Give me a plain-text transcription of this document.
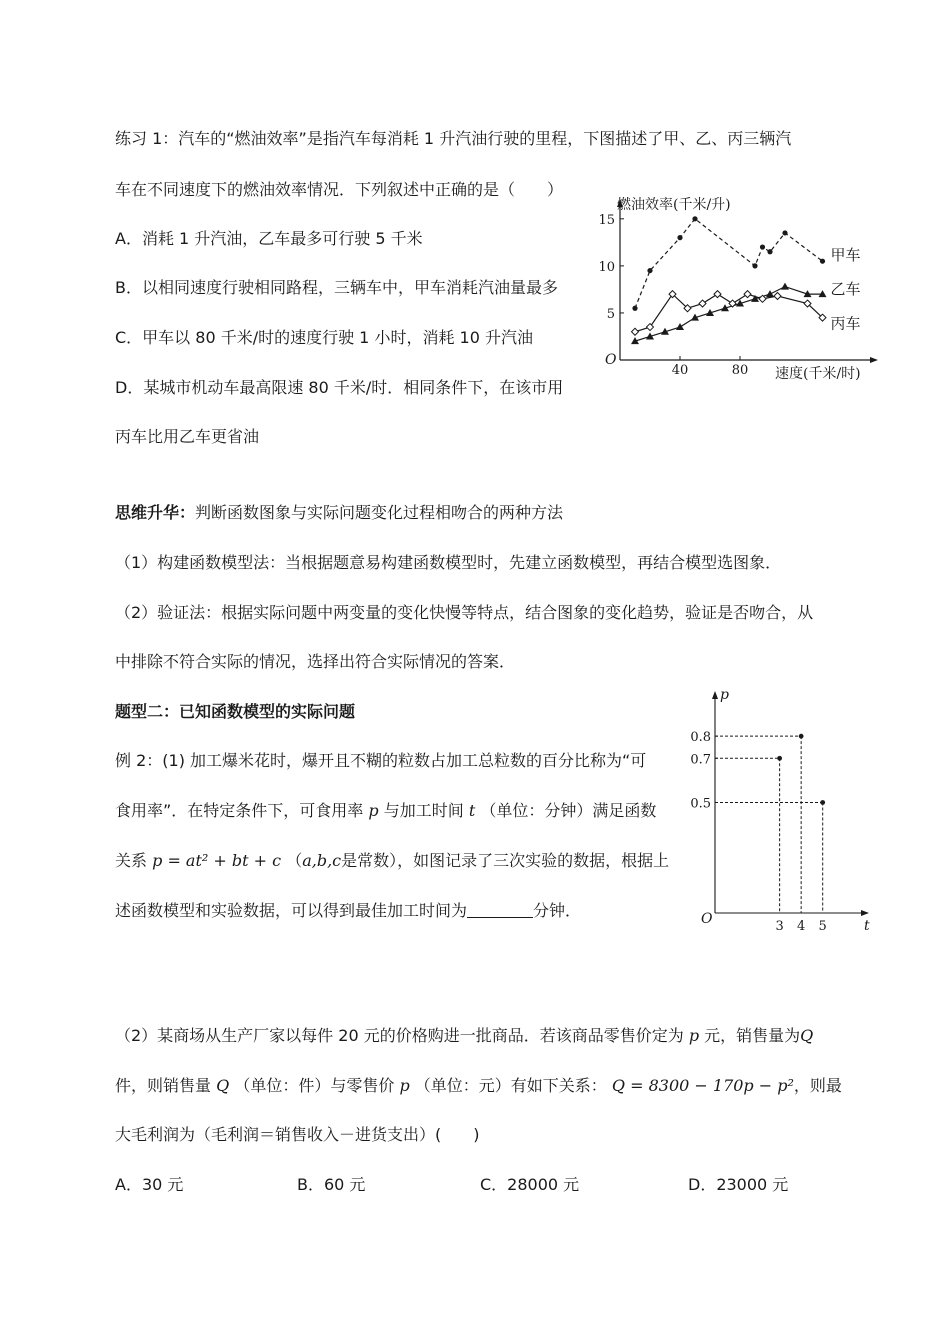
练习 1：汽车的“燃油效率”是指汽车每消耗 1 升汽油行驶的里程，下图描述了甲、乙、丙三辆汽
车在不同速度下的燃油效率情况．下列叙述中正确的是（　　）
A．消耗 1 升汽油，乙车最多可行驶 5 千米
B．以相同速度行驶相同路程，三辆车中，甲车消耗汽油量最多
C．甲车以 80 千米/时的速度行驶 1 小时，消耗 10 升汽油
D．某城市机动车最高限速 80 千米/时．相同条件下，在该市用
丙车比用乙车更省油
40	80
5
10
15
燃油效率(千米/升)
速度(千米/时)
O
甲车
乙车
丙车
思维升华：判断函数图象与实际问题变化过程相吻合的两种方法
（1）构建函数模型法：当根据题意易构建函数模型时，先建立函数模型，再结合模型选图象．
（2）验证法：根据实际问题中两变量的变化快慢等特点，结合图象的变化趋势，验证是否吻合，从
中排除不符合实际的情况，选择出符合实际情况的答案．
题型二：已知函数模型的实际问题
例 2：(1) 加工爆米花时，爆开且不糊的粒数占加工总粒数的百分比称为“可
食用率”．在特定条件下，可食用率 p 与加工时间 t （单位：分钟）满足函数
关系 p = at² + bt + c （a,b,c是常数），如图记录了三次实验的数据，根据上
述函数模型和实验数据，可以得到最佳加工时间为	分钟．
0.5
0.7
0.8
3 4 5	t
p
O
（2）某商场从生产厂家以每件 20 元的价格购进一批商品．若该商品零售价定为 p 元，销售量为Q
件，则销售量 Q （单位：件）与零售价 p （单位：元）有如下关系： Q = 8300 − 170p − p²，则最
大毛利润为（毛利润＝销售收入－进货支出）(　　)
A．30 元	B．60 元	C．28000 元	D．23000 元
